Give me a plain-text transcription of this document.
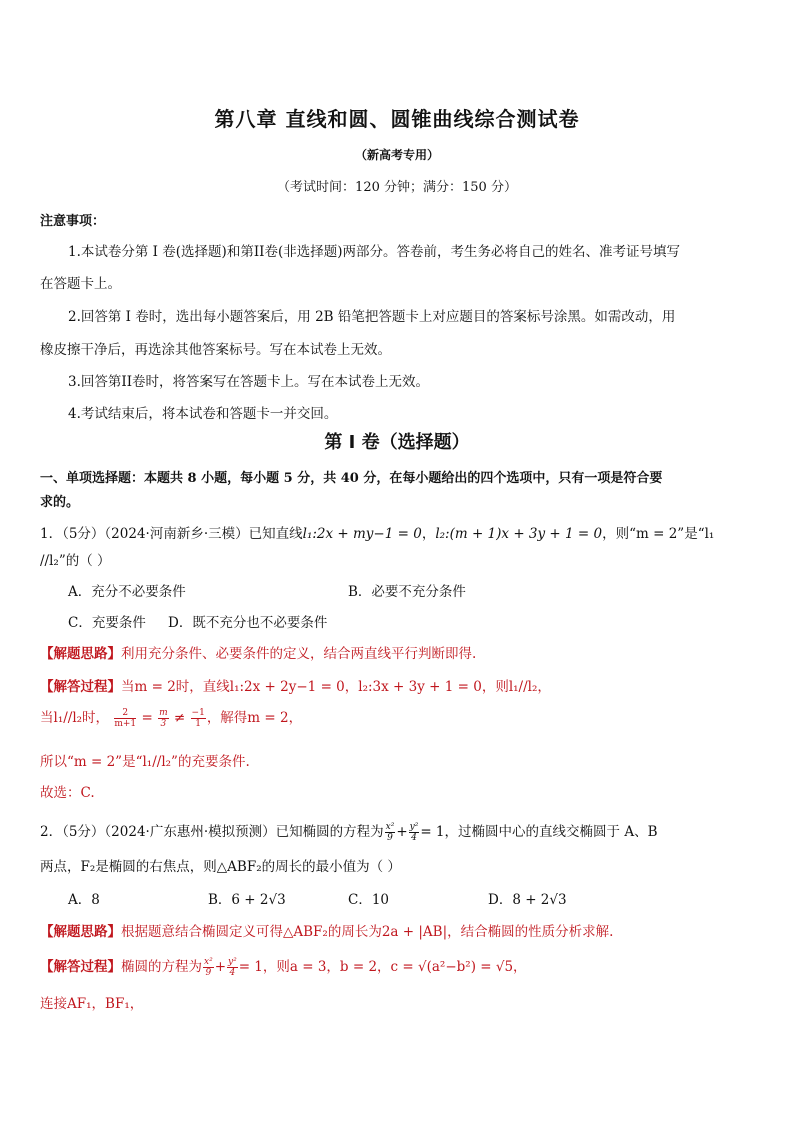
第八章 直线和圆、圆锥曲线综合测试卷
（新高考专用）
（考试时间：120 分钟；满分：150 分）
注意事项：
1.本试卷分第 I 卷(选择题)和第II卷(非选择题)两部分。答卷前，考生务必将自己的姓名、准考证号填写
在答题卡上。
2.回答第 I 卷时，选出每小题答案后，用 2B 铅笔把答题卡上对应题目的答案标号涂黑。如需改动，用
橡皮擦干净后，再选涂其他答案标号。写在本试卷上无效。
3.回答第II卷时，将答案写在答题卡上。写在本试卷上无效。
4.考试结束后，将本试卷和答题卡一并交回。
第 I 卷（选择题）
一、单项选择题：本题共 8 小题，每小题 5 分，共 40 分，在每小题给出的四个选项中，只有一项是符合要
求的。
1．（5分）（2024·河南新乡·三模）已知直线l₁:2x + my−1 = 0，l₂:(m + 1)x + 3y + 1 = 0，则“m = 2”是“l₁
//l₂”的（ ）
A．充分不必要条件	B．必要不充分条件
C．充要条件 D．既不充分也不必要条件
【解题思路】利用充分条件、必要条件的定义，结合两直线平行判断即得.
【解答过程】当m = 2时，直线l₁:2x + 2y−1 = 0，l₂:3x + 3y + 1 = 0，则l₁//l₂，
当l₁//l₂时， $\frac{2}{m+1} = \frac{m}{3} \ne \frac{-1}{1}$ ，解得m = 2，
所以“m = 2”是“l₁//l₂”的充要条件.
故选：C.
2．（5分）（2024·广东惠州·模拟预测）已知椭圆的方程为 $\frac{\text{x²}}{9} + \frac{\text{y²}}{4} = 1$，过椭圆中心的直线交椭圆于 A、B
两点，F₂是椭圆的右焦点，则△ABF₂的周长的最小值为（ ）
A．8	B．6 + 2√3	C．10	D．8 + 2√3
【解题思路】根据题意结合椭圆定义可得△ABF₂的周长为2a + |AB|，结合椭圆的性质分析求解.
【解答过程】椭圆的方程为 $\frac{\text{x²}}{9} + \frac{\text{y²}}{4} = 1$，则a = 3，b = 2，c = √(a²−b²) = √5，
连接AF₁，BF₁，
